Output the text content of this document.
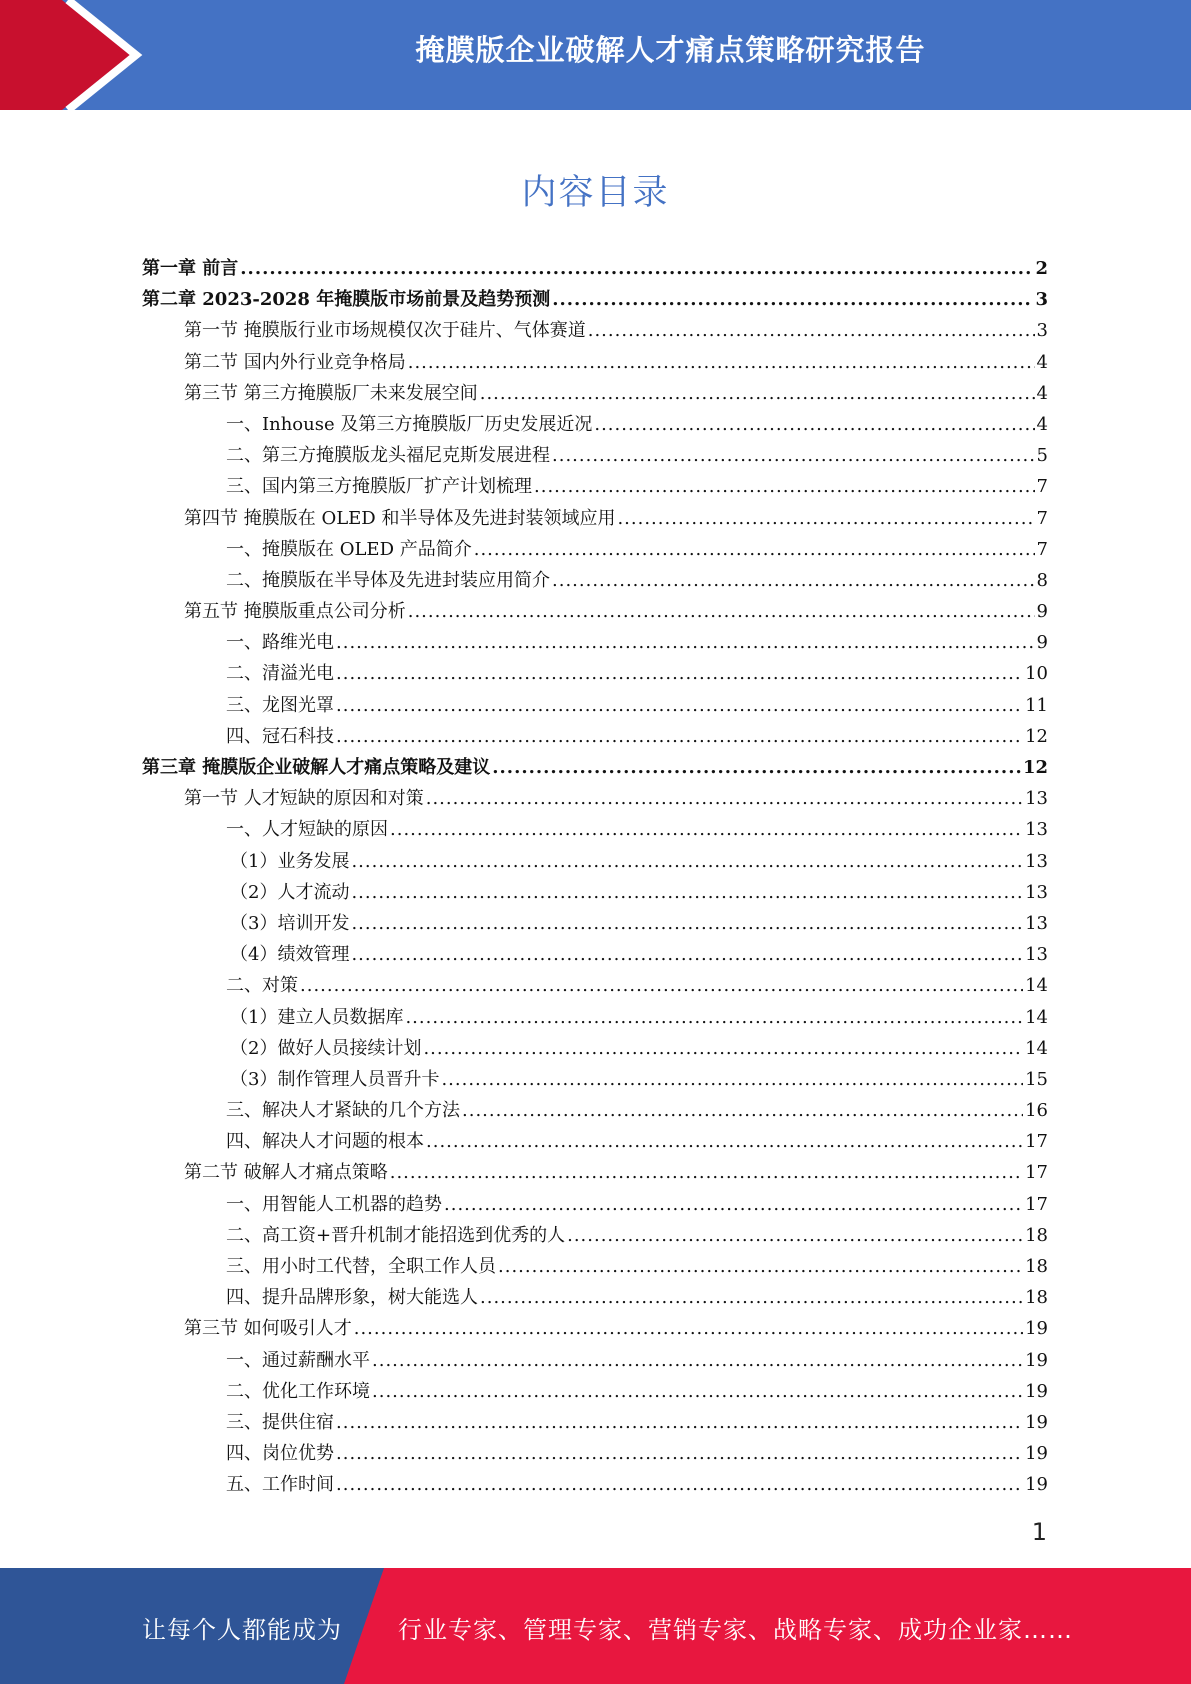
掩膜版企业破解人才痛点策略研究报告
内容目录
第一章 前言 .....	2
第二章 2023-2028 年掩膜版市场前景及趋势预测 .....	3
第一节 掩膜版行业市场规模仅次于硅片、气体赛道 .....	3
第二节 国内外行业竞争格局 .....	4
第三节 第三方掩膜版厂未来发展空间 .....	4
一、Inhouse 及第三方掩膜版厂历史发展近况 .....	4
二、第三方掩膜版龙头福尼克斯发展进程 .....	5
三、国内第三方掩膜版厂扩产计划梳理 .....	7
第四节 掩膜版在 OLED 和半导体及先进封装领域应用 .....	7
一、掩膜版在 OLED 产品简介 .....	7
二、掩膜版在半导体及先进封装应用简介 .....	8
第五节 掩膜版重点公司分析 .....	9
一、路维光电 .....	9
二、清溢光电 .....	10
三、龙图光罩 .....	11
四、冠石科技 .....	12
第三章 掩膜版企业破解人才痛点策略及建议 .....	12
第一节 人才短缺的原因和对策 .....	13
一、人才短缺的原因 .....	13
（1）业务发展 .....	13
（2）人才流动 .....	13
（3）培训开发 .....	13
（4）绩效管理 .....	13
二、对策 .....	14
（1）建立人员数据库 .....	14
（2）做好人员接续计划 .....	14
（3）制作管理人员晋升卡 .....	15
三、解决人才紧缺的几个方法 .....	16
四、解决人才问题的根本 .....	17
第二节 破解人才痛点策略 .....	17
一、用智能人工机器的趋势 .....	17
二、高工资+晋升机制才能招选到优秀的人 .....	18
三、用小时工代替，全职工作人员 .....	18
四、提升品牌形象，树大能选人 .....	18
第三节 如何吸引人才 .....	19
一、通过薪酬水平 .....	19
二、优化工作环境 .....	19
三、提供住宿 .....	19
四、岗位优势 .....	19
五、工作时间 .....	19
1
让每个人都能成为 行业专家、管理专家、营销专家、战略专家、成功企业家……
